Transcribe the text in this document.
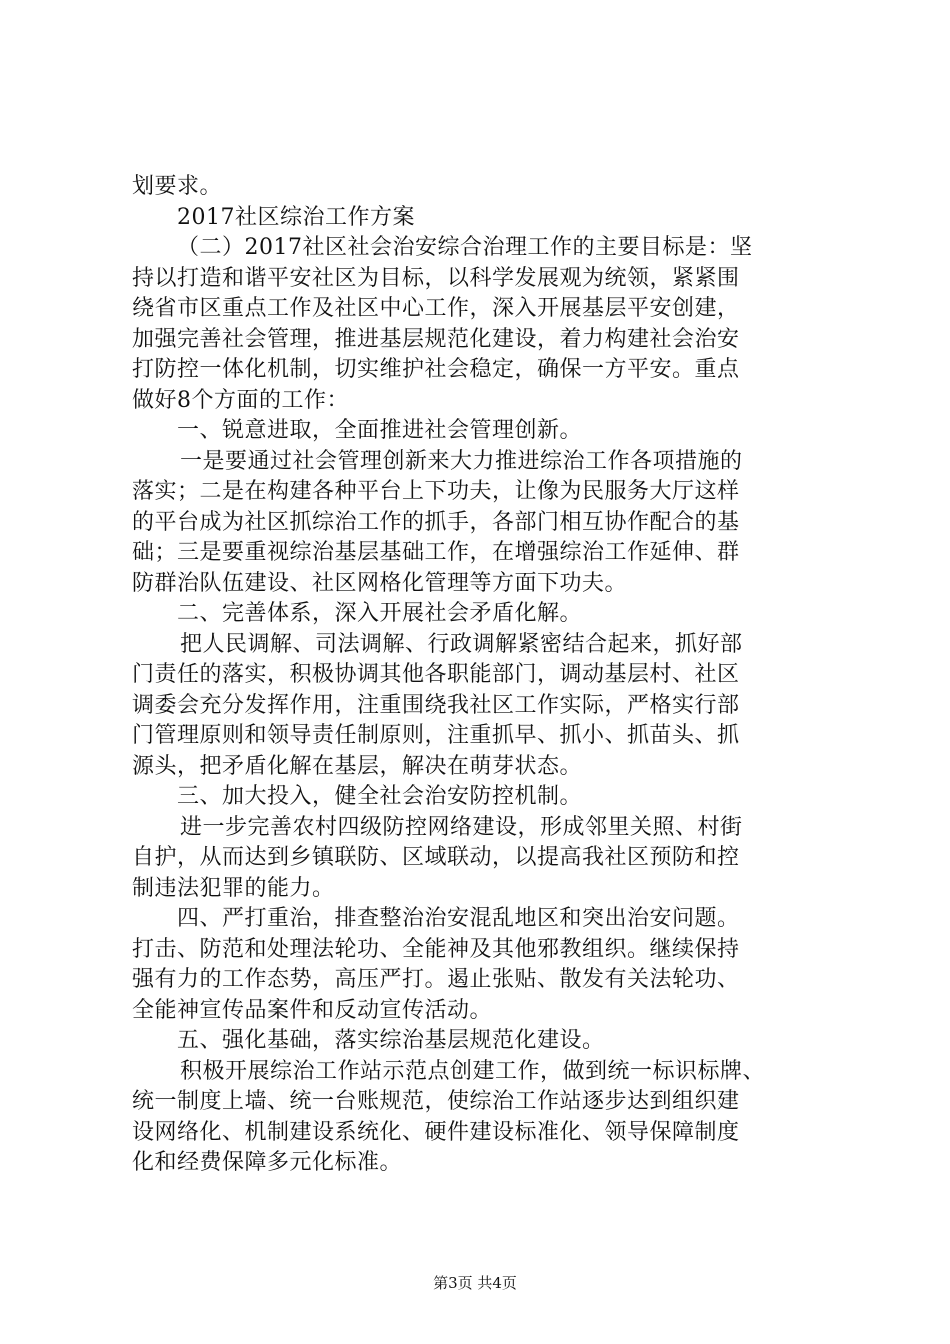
划要求。
2017社区综治工作方案
（二）2017社区社会治安综合治理工作的主要目标是：坚
持以打造和谐平安社区为目标，以科学发展观为统领，紧紧围
绕省市区重点工作及社区中心工作，深入开展基层平安创建，
加强完善社会管理，推进基层规范化建设，着力构建社会治安
打防控一体化机制，切实维护社会稳定，确保一方平安。重点
做好8个方面的工作：
一、锐意进取，全面推进社会管理创新。
一是要通过社会管理创新来大力推进综治工作各项措施的
落实；二是在构建各种平台上下功夫，让像为民服务大厅这样
的平台成为社区抓综治工作的抓手，各部门相互协作配合的基
础；三是要重视综治基层基础工作，在增强综治工作延伸、群
防群治队伍建设、社区网格化管理等方面下功夫。
二、完善体系，深入开展社会矛盾化解。
把人民调解、司法调解、行政调解紧密结合起来，抓好部
门责任的落实，积极协调其他各职能部门，调动基层村、社区
调委会充分发挥作用，注重围绕我社区工作实际，严格实行部
门管理原则和领导责任制原则，注重抓早、抓小、抓苗头、抓
源头，把矛盾化解在基层，解决在萌芽状态。
三、加大投入，健全社会治安防控机制。
进一步完善农村四级防控网络建设，形成邻里关照、村街
自护，从而达到乡镇联防、区域联动，以提高我社区预防和控
制违法犯罪的能力。
四、严打重治，排查整治治安混乱地区和突出治安问题。
打击、防范和处理法轮功、全能神及其他邪教组织。继续保持
强有力的工作态势，高压严打。遏止张贴、散发有关法轮功、
全能神宣传品案件和反动宣传活动。
五、强化基础，落实综治基层规范化建设。
积极开展综治工作站示范点创建工作，做到统一标识标牌、
统一制度上墙、统一台账规范，使综治工作站逐步达到组织建
设网络化、机制建设系统化、硬件建设标准化、领导保障制度
化和经费保障多元化标准。
第3页 共4页
